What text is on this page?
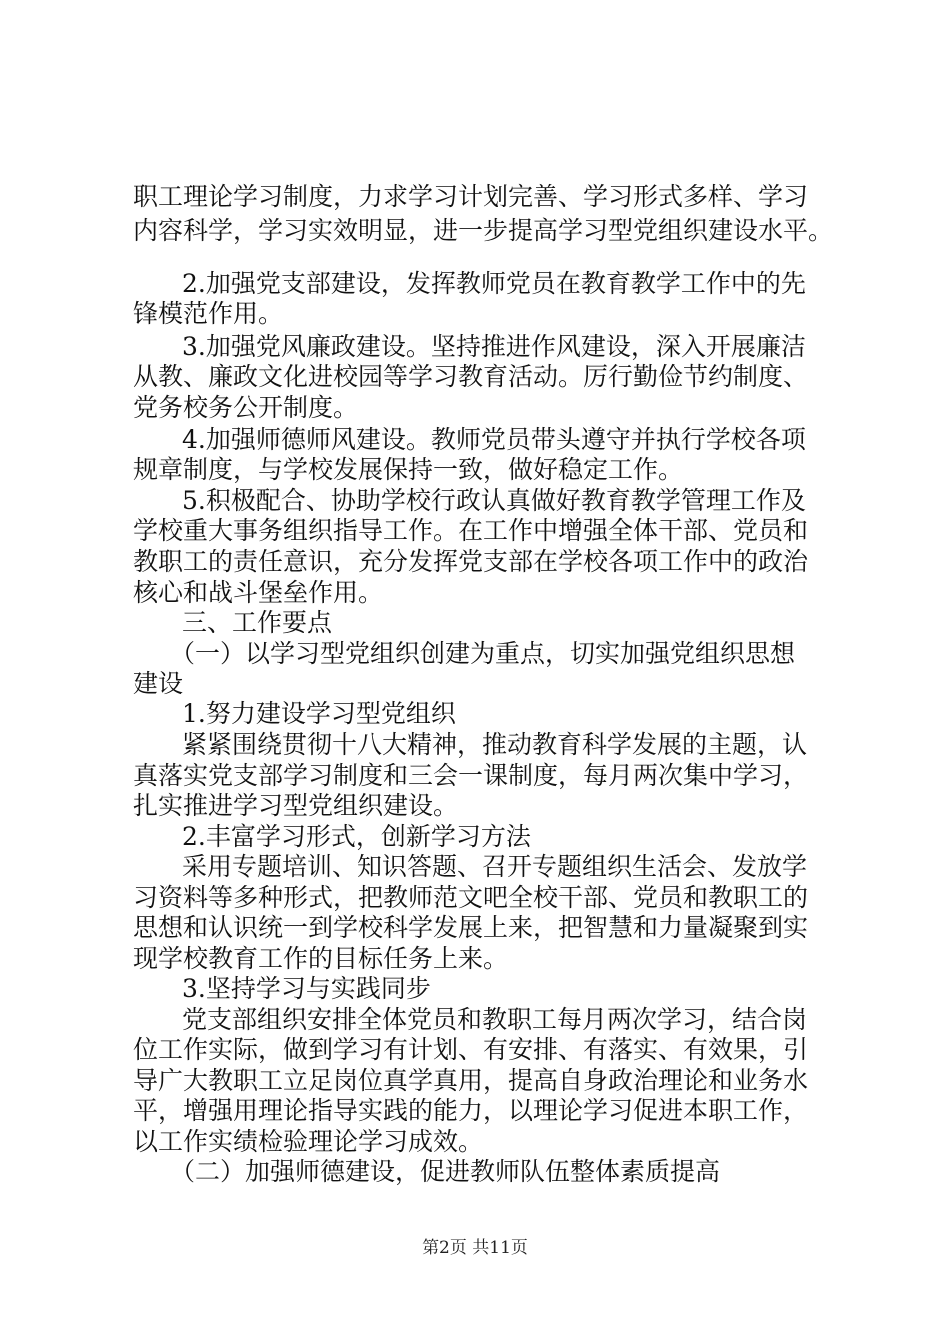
职工理论学习制度，力求学习计划完善、学习形式多样、学习
内容科学，学习实效明显，进一步提高学习型党组织建设水平。
2.加强党支部建设，发挥教师党员在教育教学工作中的先
锋模范作用。
3.加强党风廉政建设。坚持推进作风建设，深入开展廉洁
从教、廉政文化进校园等学习教育活动。厉行勤俭节约制度、
党务校务公开制度。
4.加强师德师风建设。教师党员带头遵守并执行学校各项
规章制度，与学校发展保持一致，做好稳定工作。
5.积极配合、协助学校行政认真做好教育教学管理工作及
学校重大事务组织指导工作。在工作中增强全体干部、党员和
教职工的责任意识，充分发挥党支部在学校各项工作中的政治
核心和战斗堡垒作用。
三、工作要点
（一）以学习型党组织创建为重点，切实加强党组织思想
建设
1.努力建设学习型党组织
紧紧围绕贯彻十八大精神，推动教育科学发展的主题，认
真落实党支部学习制度和三会一课制度，每月两次集中学习，
扎实推进学习型党组织建设。
2.丰富学习形式，创新学习方法
采用专题培训、知识答题、召开专题组织生活会、发放学
习资料等多种形式，把教师范文吧全校干部、党员和教职工的
思想和认识统一到学校科学发展上来，把智慧和力量凝聚到实
现学校教育工作的目标任务上来。
3.坚持学习与实践同步
党支部组织安排全体党员和教职工每月两次学习，结合岗
位工作实际，做到学习有计划、有安排、有落实、有效果，引
导广大教职工立足岗位真学真用，提高自身政治理论和业务水
平，增强用理论指导实践的能力，以理论学习促进本职工作，
以工作实绩检验理论学习成效。
（二）加强师德建设，促进教师队伍整体素质提高
第2页 共11页
